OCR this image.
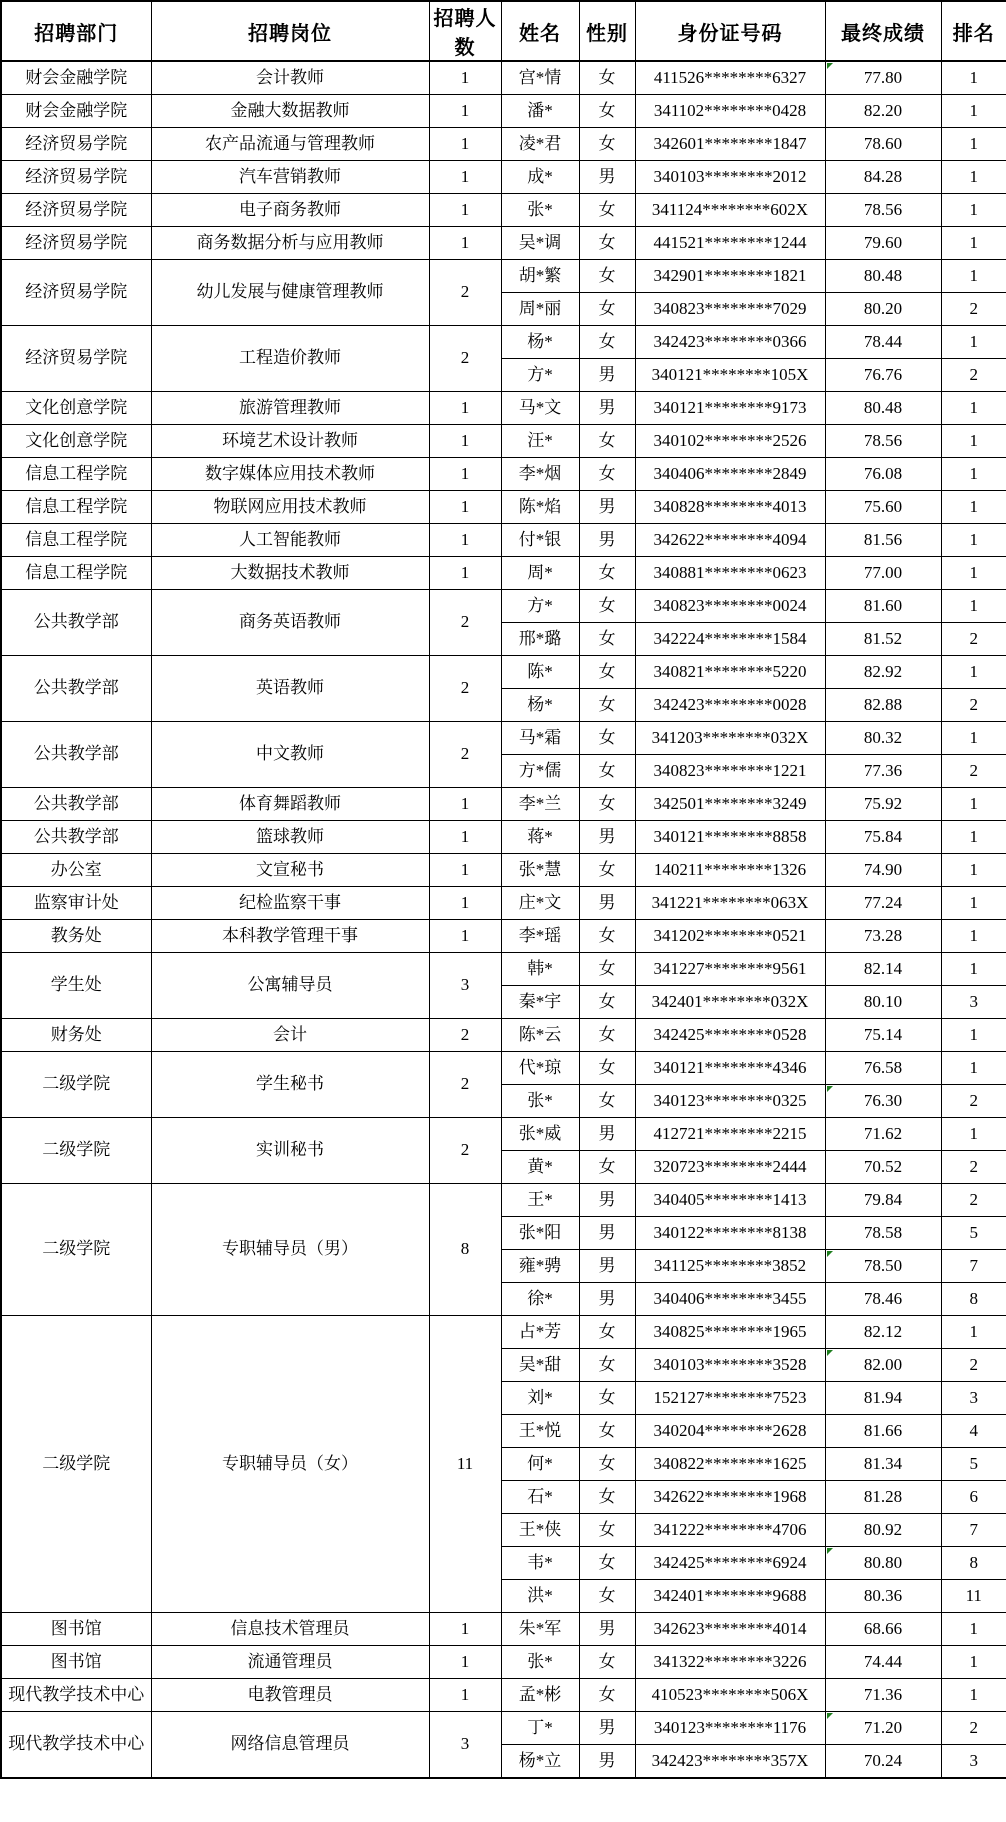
招聘部门	招聘岗位	招聘人数	姓名	性别	身份证号码	最终成绩	排名
财会金融学院	会计教师	1	宫*情	女	411526********6327	77.80	1
财会金融学院	金融大数据教师	1	潘*	女	341102********0428	82.20	1
经济贸易学院	农产品流通与管理教师	1	凌*君	女	342601********1847	78.60	1
经济贸易学院	汽车营销教师	1	成*	男	340103********2012	84.28	1
经济贸易学院	电子商务教师	1	张*	女	341124********602X	78.56	1
经济贸易学院	商务数据分析与应用教师	1	吴*调	女	441521********1244	79.60	1
经济贸易学院	幼儿发展与健康管理教师	2	胡*繁	女	342901********1821	80.48	1
			周*丽	女	340823********7029	80.20	2
经济贸易学院	工程造价教师	2	杨*	女	342423********0366	78.44	1
			方*	男	340121********105X	76.76	2
文化创意学院	旅游管理教师	1	马*文	男	340121********9173	80.48	1
文化创意学院	环境艺术设计教师	1	汪*	女	340102********2526	78.56	1
信息工程学院	数字媒体应用技术教师	1	李*烟	女	340406********2849	76.08	1
信息工程学院	物联网应用技术教师	1	陈*焰	男	340828********4013	75.60	1
信息工程学院	人工智能教师	1	付*银	男	342622********4094	81.56	1
信息工程学院	大数据技术教师	1	周*	女	340881********0623	77.00	1
公共教学部	商务英语教师	2	方*	女	340823********0024	81.60	1
			邢*璐	女	342224********1584	81.52	2
公共教学部	英语教师	2	陈*	女	340821********5220	82.92	1
			杨*	女	342423********0028	82.88	2
公共教学部	中文教师	2	马*霜	女	341203********032X	80.32	1
			方*儒	女	340823********1221	77.36	2
公共教学部	体育舞蹈教师	1	李*兰	女	342501********3249	75.92	1
公共教学部	篮球教师	1	蒋*	男	340121********8858	75.84	1
办公室	文宣秘书	1	张*慧	女	140211********1326	74.90	1
监察审计处	纪检监察干事	1	庄*文	男	341221********063X	77.24	1
教务处	本科教学管理干事	1	李*瑶	女	341202********0521	73.28	1
学生处	公寓辅导员	3	韩*	女	341227********9561	82.14	1
			秦*宇	女	342401********032X	80.10	3
财务处	会计	2	陈*云	女	342425********0528	75.14	1
二级学院	学生秘书	2	代*琼	女	340121********4346	76.58	1
			张*	女	340123********0325	76.30	2
二级学院	实训秘书	2	张*威	男	412721********2215	71.62	1
			黄*	女	320723********2444	70.52	2
二级学院	专职辅导员（男）	8	王*	男	340405********1413	79.84	2
			张*阳	男	340122********8138	78.58	5
			雍*骋	男	341125********3852	78.50	7
			徐*	男	340406********3455	78.46	8
二级学院	专职辅导员（女）	11	占*芳	女	340825********1965	82.12	1
			吴*甜	女	340103********3528	82.00	2
			刘*	女	152127********7523	81.94	3
			王*悦	女	340204********2628	81.66	4
			何*	女	340822********1625	81.34	5
			石*	女	342622********1968	81.28	6
			王*侠	女	341222********4706	80.92	7
			韦*	女	342425********6924	80.80	8
			洪*	女	342401********9688	80.36	11
图书馆	信息技术管理员	1	朱*军	男	342623********4014	68.66	1
图书馆	流通管理员	1	张*	女	341322********3226	74.44	1
现代教学技术中心	电教管理员	1	孟*彬	女	410523********506X	71.36	1
现代教学技术中心	网络信息管理员	3	丁*	男	340123********1176	71.20	2
			杨*立	男	342423********357X	70.24	3
